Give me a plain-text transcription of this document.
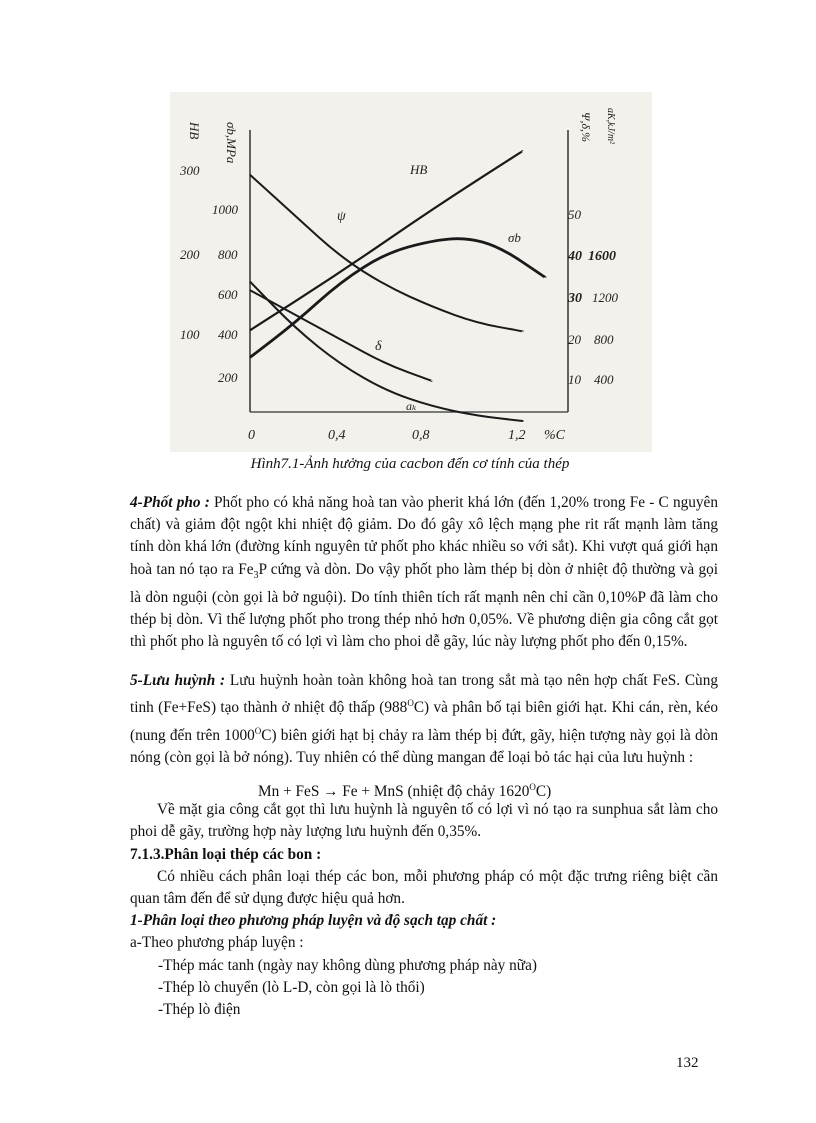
HB σb,MPa	Ψ,δ,% aK,kJ/m²
300
200
100
1000
800
600
400
200
50
40
30
20
10
1600
1200
800
400
0	0,4	0,8	1,2 %C
HB
ψ
σb
δ
aₖ
Hình7.1-Ảnh hưởng của cacbon đến cơ tính của thép

4-Phốt pho : Phốt pho có khả năng hoà tan vào pherit khá lớn (đến 1,20% trong Fe - C nguyên chất) và giảm đột ngột khi nhiệt độ giảm. Do đó gây xô lệch mạng phe rit rất mạnh làm tăng tính dòn khá lớn (đường kính nguyên tử phốt pho khác nhiều so với sắt). Khi vượt quá giới hạn hoà tan nó tạo ra $Fe_3P$ cứng và dòn. Do vậy phốt pho làm thép bị dòn ở nhiệt độ thường và gọi là dòn nguội (còn gọi là bở nguội). Do tính thiên tích rất mạnh nên chỉ cần 0,10%P đã làm cho thép bị dòn. Vì thế lượng phốt pho trong thép nhỏ hơn 0,05%. Về phương diện gia công cắt gọt thì phốt pho là nguyên tố có lợi vì làm cho phoi dễ gãy, lúc này lượng phốt pho đến 0,15%.

5-Lưu huỳnh : Lưu huỳnh hoàn toàn không hoà tan trong sắt mà tạo nên hợp chất FeS. Cùng tinh (Fe+FeS) tạo thành ở nhiệt độ thấp $(988^OC)$ và phân bố tại biên giới hạt. Khi cán, rèn, kéo (nung đến trên $1000^OC$) biên giới hạt bị chảy ra làm thép bị đứt, gãy, hiện tượng này gọi là dòn nóng (còn gọi là bở nóng). Tuy nhiên có thể dùng mangan để loại bỏ tác hại của lưu huỳnh :

Mn + FeS → Fe + MnS (nhiệt độ chảy $1620^OC$)

Về mặt gia công cắt gọt thì lưu huỳnh là nguyên tố có lợi vì nó tạo ra sunphua sắt làm cho phoi dễ gãy, trường hợp này lượng lưu huỳnh đến 0,35%.

7.1.3.Phân loại thép các bon :

Có nhiều cách phân loại thép các bon, mỗi phương pháp có một đặc trưng riêng biệt cần quan tâm đến để sử dụng được hiệu quả hơn.

1-Phân loại theo phương pháp luyện và độ sạch tạp chất :
a-Theo phương pháp luyện :
-Thép mác tanh (ngày nay không dùng phương pháp này nữa)
-Thép lò chuyển (lò L-D, còn gọi là lò thổi)
-Thép lò điện
132
